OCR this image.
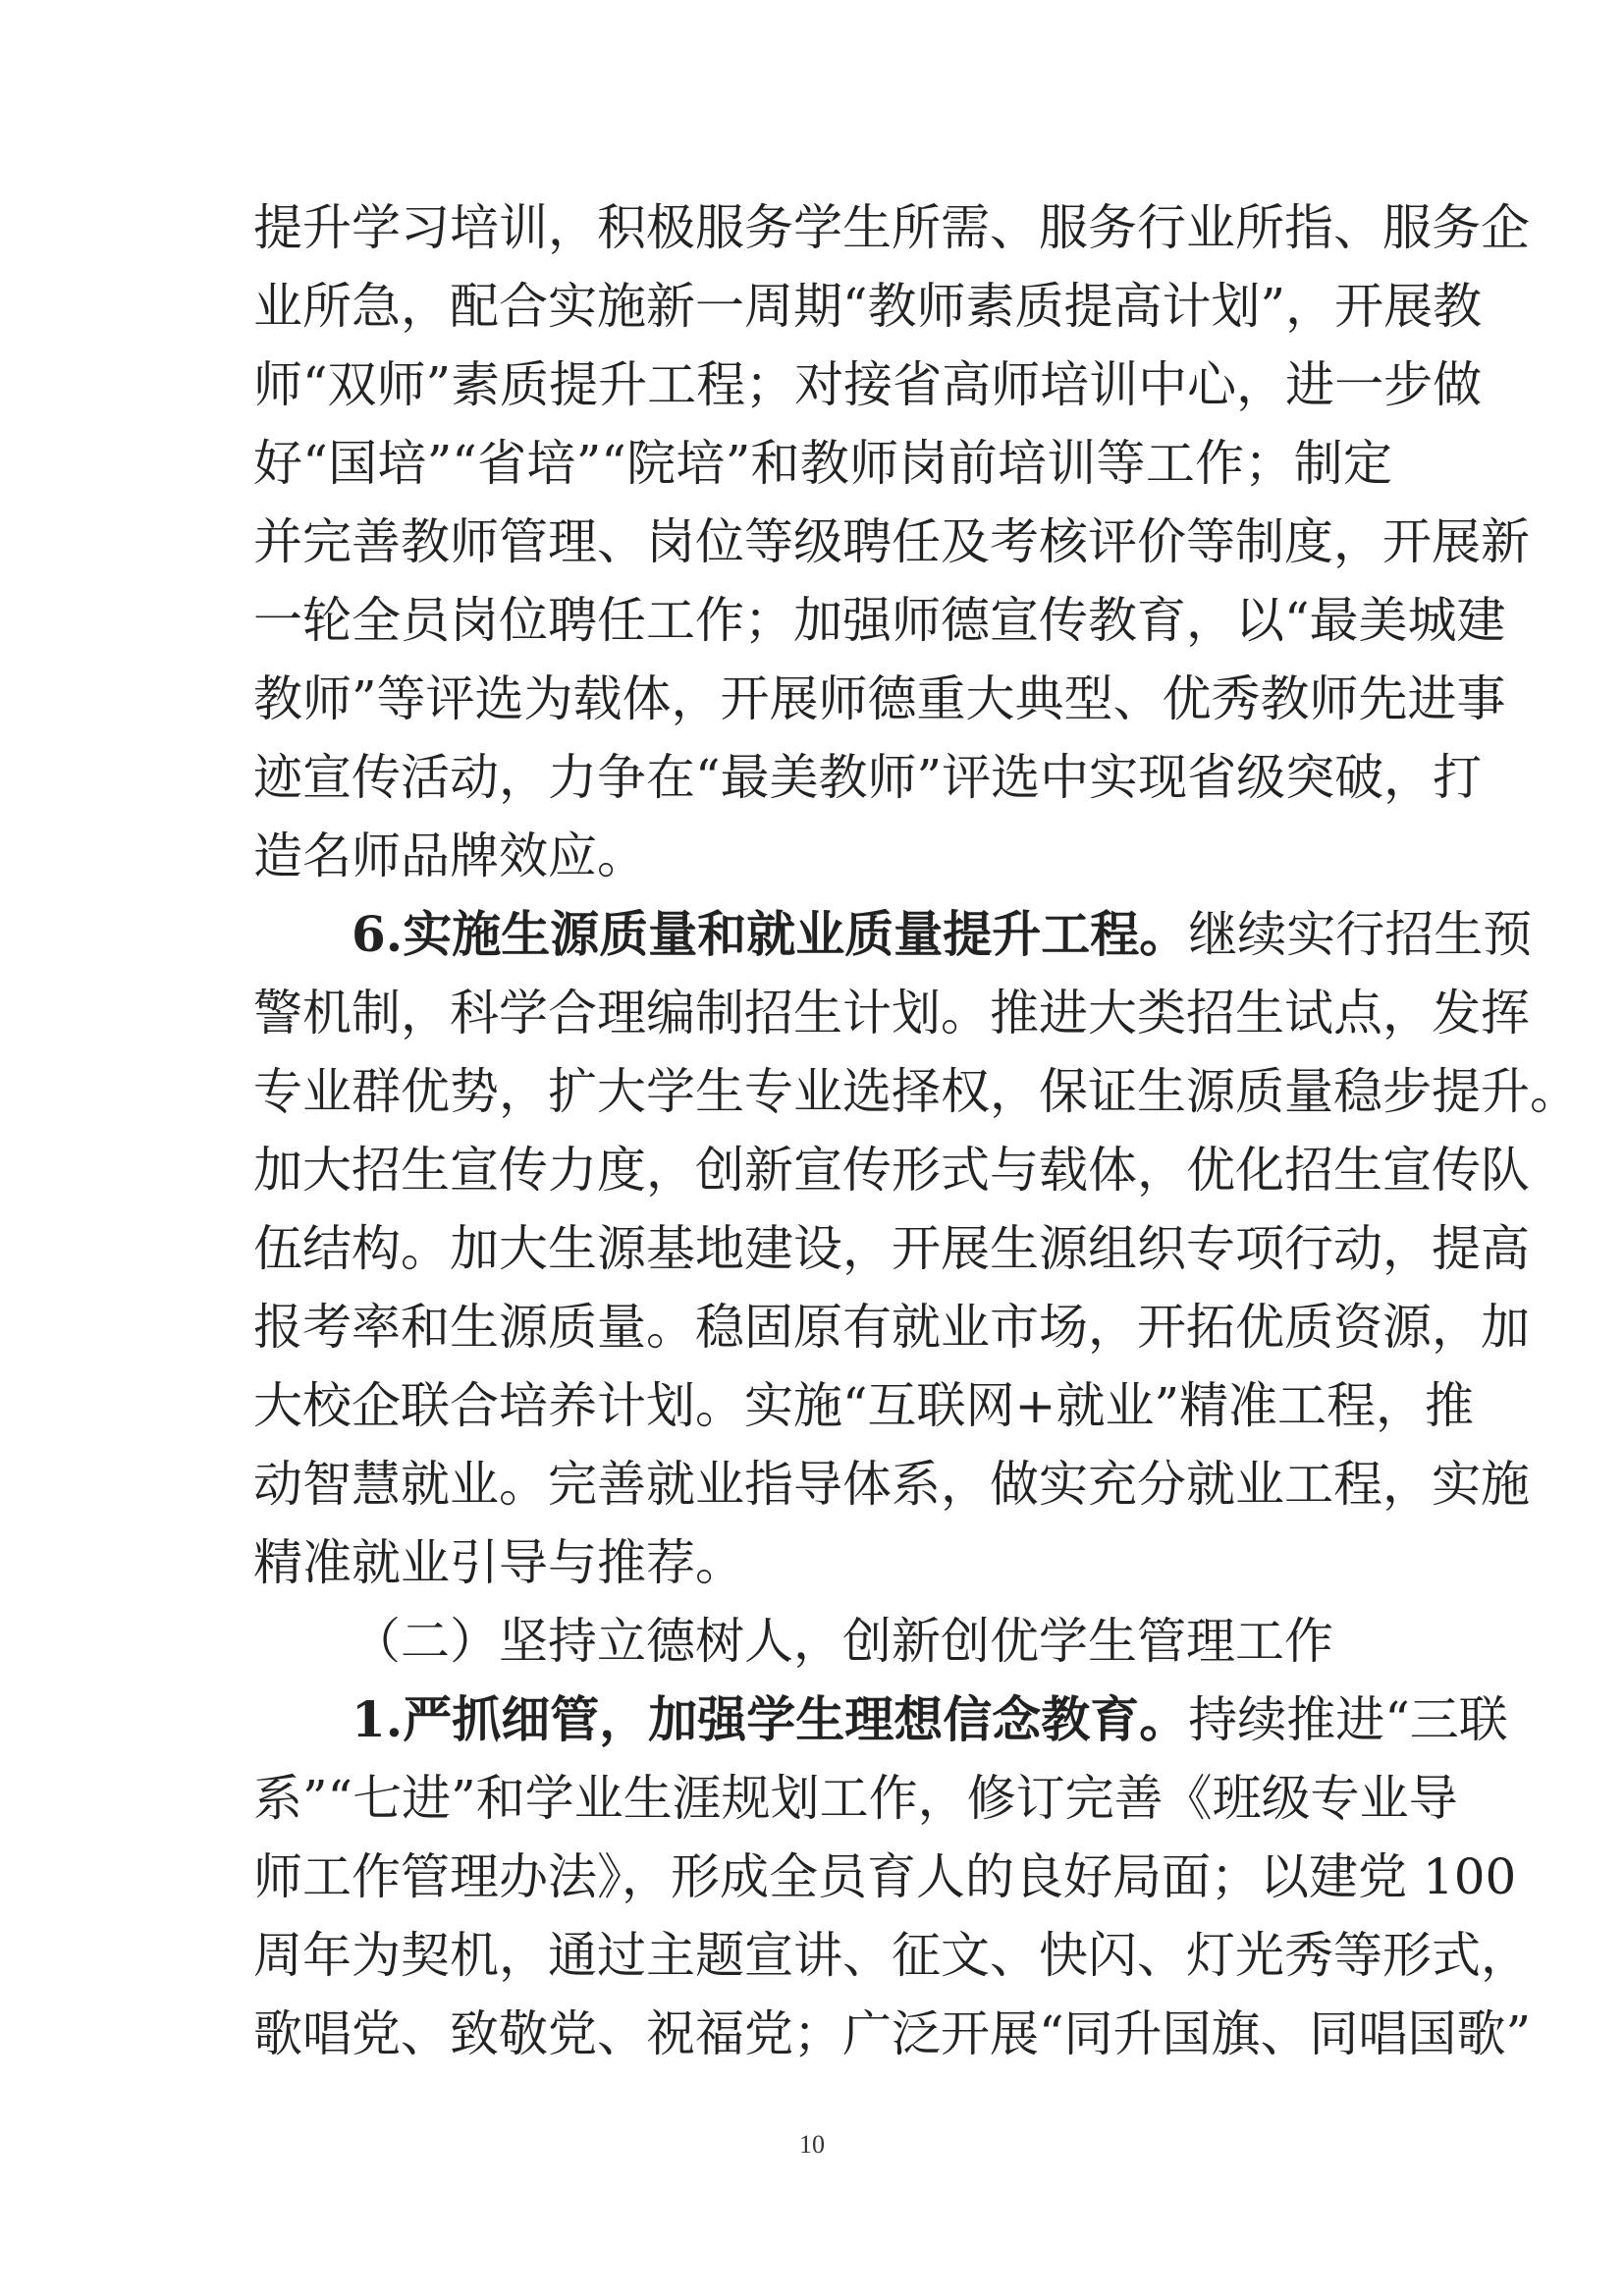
提升学习培训，积极服务学生所需、服务行业所指、服务企
业所急，配合实施新一周期“教师素质提高计划”，开展教
师“双师”素质提升工程；对接省高师培训中心，进一步做
好“国培”“省培”“院培”和教师岗前培训等工作；制定
并完善教师管理、岗位等级聘任及考核评价等制度，开展新
一轮全员岗位聘任工作；加强师德宣传教育，以“最美城建
教师”等评选为载体，开展师德重大典型、优秀教师先进事
迹宣传活动，力争在“最美教师”评选中实现省级突破，打
造名师品牌效应。
6.实施生源质量和就业质量提升工程。继续实行招生预
警机制，科学合理编制招生计划。推进大类招生试点，发挥
专业群优势，扩大学生专业选择权，保证生源质量稳步提升。
加大招生宣传力度，创新宣传形式与载体，优化招生宣传队
伍结构。加大生源基地建设，开展生源组织专项行动，提高
报考率和生源质量。稳固原有就业市场，开拓优质资源，加
大校企联合培养计划。实施“互联网+就业”精准工程，推
动智慧就业。完善就业指导体系，做实充分就业工程，实施
精准就业引导与推荐。
（二）坚持立德树人，创新创优学生管理工作
1.严抓细管，加强学生理想信念教育。持续推进“三联
系”“七进”和学业生涯规划工作，修订完善《班级专业导
师工作管理办法》，形成全员育人的良好局面；以建党 100
周年为契机，通过主题宣讲、征文、快闪、灯光秀等形式，
歌唱党、致敬党、祝福党；广泛开展“同升国旗、同唱国歌”
10
